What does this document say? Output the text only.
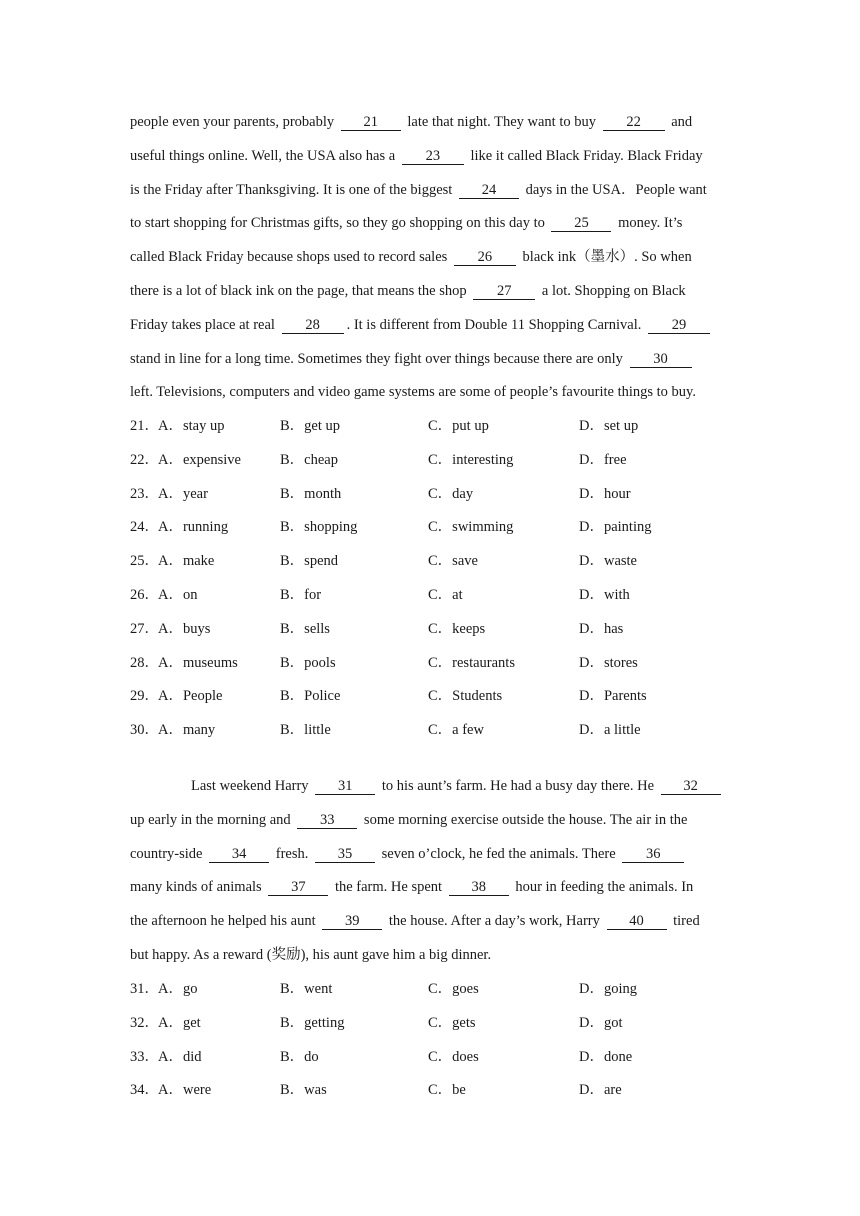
people even your parents, probably 21 late that night. They want to buy 22 and
useful things online. Well, the USA also has a 23 like it called Black Friday. Black Friday
is the Friday after Thanksgiving. It is one of the biggest 24 days in the USA．People want
to start shopping for Christmas gifts, so they go shopping on this day to 25 money. It’s
called Black Friday because shops used to record sales 26 black ink（墨水）. So when
there is a lot of black ink on the page, that means the shop 27 a lot. Shopping on Black
Friday takes place at real 28 . It is different from Double 11 Shopping Carnival. 29
stand in line for a long time. Sometimes they fight over things because there are only 30
left. Televisions, computers and video game systems are some of people’s favourite things to buy.
21． A．stay up	B．get up	C．put up	D．set up
22． A．expensive	B．cheap	C．interesting	D．free
23． A．year	B．month	C．day	D．hour
24． A．running	B．shopping	C．swimming	D．painting
25． A．make	B．spend	C．save	D．waste
26． A．on	B．for	C．at	D．with
27． A．buys	B．sells	C．keeps	D．has
28． A．museums	B．pools	C．restaurants	D．stores
29． A．People	B．Police	C．Students	D．Parents
30． A．many	B．little	C．a few	D．a little
Last weekend Harry 31 to his aunt’s farm. He had a busy day there. He 32
up early in the morning and 33 some morning exercise outside the house. The air in the
country-side 34 fresh. 35 seven o’clock, he fed the animals. There 36
many kinds of animals 37 the farm. He spent 38 hour in feeding the animals. In
the afternoon he helped his aunt 39 the house. After a day’s work, Harry 40 tired
but happy. As a reward (奖励), his aunt gave him a big dinner.
31． A．go	B．went	C．goes	D．going
32． A．get	B．getting	C．gets	D．got
33． A．did	B．do	C．does	D．done
34． A．were	B．was	C．be	D．are
